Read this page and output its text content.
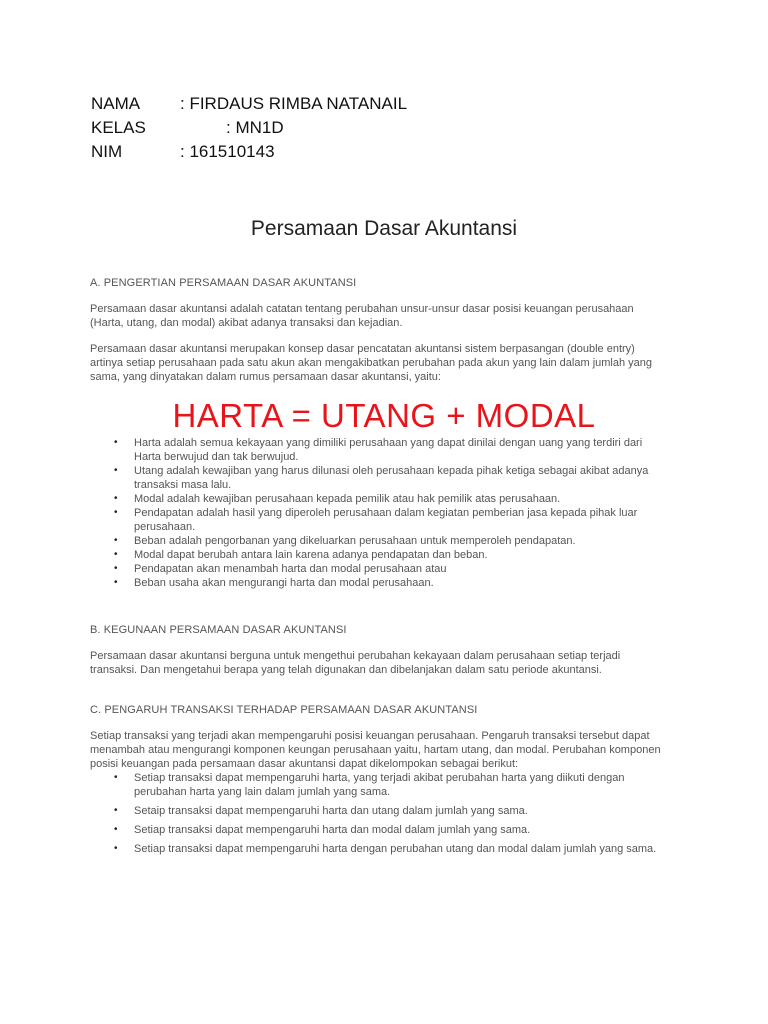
NAMA : FIRDAUS RIMBA NATANAIL
KELAS	: MN1D
NIM	: 161510143
Persamaan Dasar Akuntansi
A. PENGERTIAN PERSAMAAN DASAR AKUNTANSI
Persamaan dasar akuntansi adalah catatan tentang perubahan unsur-unsur dasar posisi keuangan perusahaan (Harta, utang, dan modal) akibat adanya transaksi dan kejadian.
Persamaan dasar akuntansi merupakan konsep dasar pencatatan akuntansi sistem berpasangan (double entry) artinya setiap perusahaan pada satu akun akan mengakibatkan perubahan pada akun yang lain dalam jumlah yang sama, yang dinyatakan dalam rumus persamaan dasar akuntansi, yaitu:
HARTA = UTANG + MODAL
• Harta adalah semua kekayaan yang dimiliki perusahaan yang dapat dinilai dengan uang yang terdiri dari Harta berwujud dan tak berwujud.
• Utang adalah kewajiban yang harus dilunasi oleh perusahaan kepada pihak ketiga sebagai akibat adanya transaksi masa lalu.
• Modal adalah kewajiban perusahaan kepada pemilik atau hak pemilik atas perusahaan.
• Pendapatan adalah hasil yang diperoleh perusahaan dalam kegiatan pemberian jasa kepada pihak luar perusahaan.
• Beban adalah pengorbanan yang dikeluarkan perusahaan untuk memperoleh pendapatan.
• Modal dapat berubah antara lain karena adanya pendapatan dan beban.
• Pendapatan akan menambah harta dan modal perusahaan atau
• Beban usaha akan mengurangi harta dan modal perusahaan.
B. KEGUNAAN PERSAMAAN DASAR AKUNTANSI
Persamaan dasar akuntansi berguna untuk mengethui perubahan kekayaan dalam perusahaan setiap terjadi transaksi. Dan mengetahui berapa yang telah digunakan dan dibelanjakan dalam satu periode akuntansi.
C. PENGARUH TRANSAKSI TERHADAP PERSAMAAN DASAR AKUNTANSI
Setiap transaksi yang terjadi akan mempengaruhi posisi keuangan perusahaan. Pengaruh transaksi tersebut dapat menambah atau mengurangi komponen keungan perusahaan yaitu, hartam utang, dan modal. Perubahan komponen posisi keuangan pada persamaan dasar akuntansi dapat dikelompokan sebagai berikut:
• Setiap transaksi dapat mempengaruhi harta, yang terjadi akibat perubahan harta yang diikuti dengan perubahan harta yang lain dalam jumlah yang sama.
• Setaip transaksi dapat mempengaruhi harta dan utang dalam jumlah yang sama.
• Setiap transaksi dapat mempengaruhi harta dan modal dalam jumlah yang sama.
• Setiap transaksi dapat mempengaruhi harta dengan perubahan utang dan modal dalam jumlah yang sama.
